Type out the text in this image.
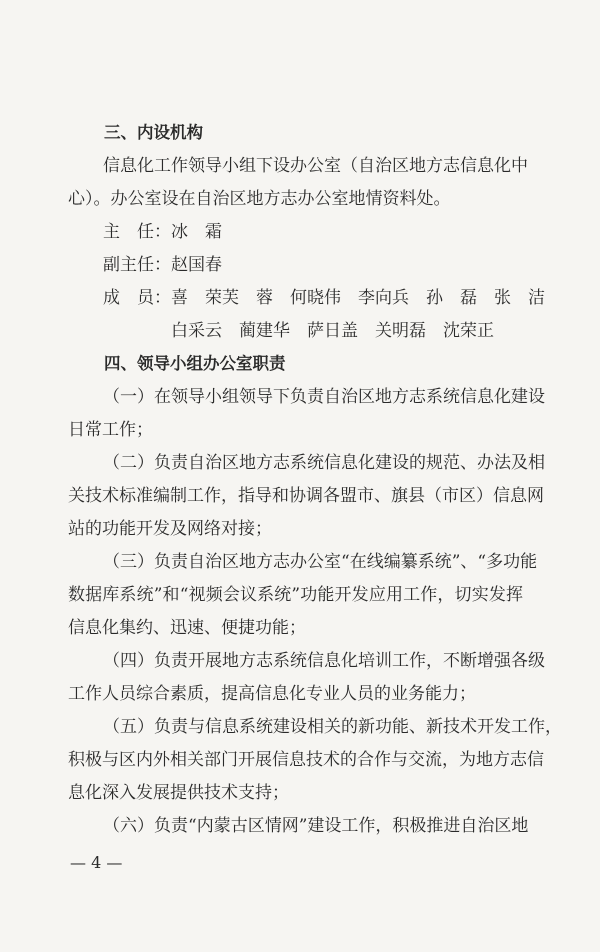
三、内设机构
信息化工作领导小组下设办公室（自治区地方志信息化中
心）。办公室设在自治区地方志办公室地情资料处。
主　任：冰　霜
副主任：赵国春
成　员：喜　荣芙　蓉　何晓伟　李向兵　孙　磊　张　洁
白采云　蔺建华　萨日盖　关明磊　沈荣正
四、领导小组办公室职责
（一）在领导小组领导下负责自治区地方志系统信息化建设
日常工作；
（二）负责自治区地方志系统信息化建设的规范、办法及相
关技术标准编制工作，指导和协调各盟市、旗县（市区）信息网
站的功能开发及网络对接；
（三）负责自治区地方志办公室“在线编纂系统”、“多功能
数据库系统”和“视频会议系统”功能开发应用工作，切实发挥
信息化集约、迅速、便捷功能；
（四）负责开展地方志系统信息化培训工作，不断增强各级
工作人员综合素质，提高信息化专业人员的业务能力；
（五）负责与信息系统建设相关的新功能、新技术开发工作，
积极与区内外相关部门开展信息技术的合作与交流，为地方志信
息化深入发展提供技术支持；
（六）负责“内蒙古区情网”建设工作，积极推进自治区地
— 4 —
